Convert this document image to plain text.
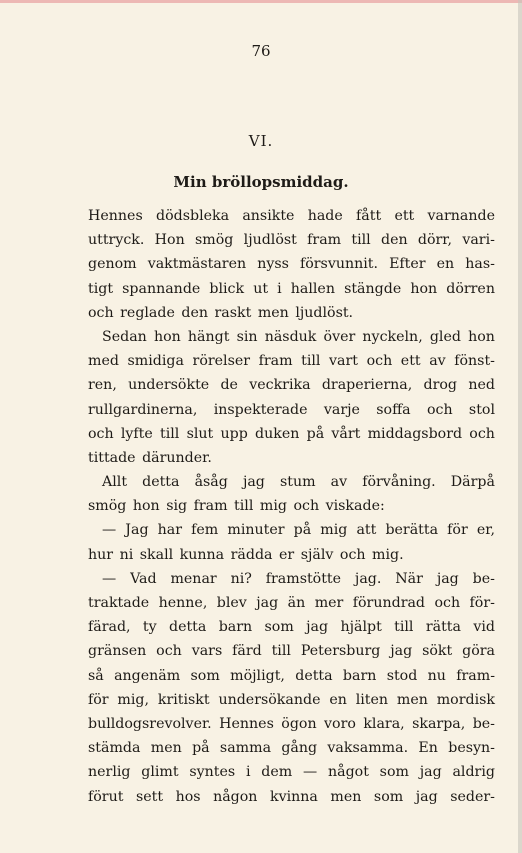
76
VI.
Min bröllopsmiddag.
Hennes dödsbleka ansikte hade fått ett varnande
uttryck. Hon smög ljudlöst fram till den dörr, vari-
genom vaktmästaren nyss försvunnit. Efter en has-
tigt spannande blick ut i hallen stängde hon dörren
och reglade den raskt men ljudlöst.
Sedan hon hängt sin näsduk över nyckeln, gled hon
med smidiga rörelser fram till vart och ett av fönst-
ren, undersökte de veckrika draperierna, drog ned
rullgardinerna, inspekterade varje soffa och stol
och lyfte till slut upp duken på vårt middagsbord och
tittade därunder.
Allt detta åsåg jag stum av förvåning. Därpå
smög hon sig fram till mig och viskade:
— Jag har fem minuter på mig att berätta för er,
hur ni skall kunna rädda er själv och mig.
— Vad menar ni? framstötte jag. När jag be-
traktade henne, blev jag än mer förundrad och för-
färad, ty detta barn som jag hjälpt till rätta vid
gränsen och vars färd till Petersburg jag sökt göra
så angenäm som möjligt, detta barn stod nu fram-
för mig, kritiskt undersökande en liten men mordisk
bulldogsrevolver. Hennes ögon voro klara, skarpa, be-
stämda men på samma gång vaksamma. En besyn-
nerlig glimt syntes i dem — något som jag aldrig
förut sett hos någon kvinna men som jag seder-
